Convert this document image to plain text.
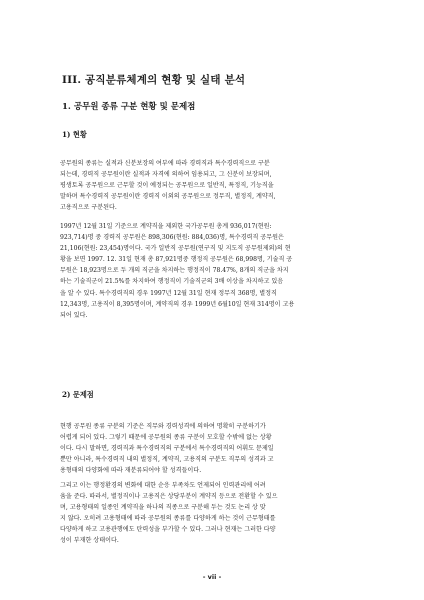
III. 공직분류체계의 현황 및 실태 분석
1. 공무원 종류 구분 현황 및 문제점
1) 현황
공무원의 종류는 실적과 신분보장의 여부에 따라 경력직과 특수경력직으로 구분
되는데, 경력직 공무원이란 실적과 자격에 의하여 임용되고, 그 신분이 보장되며,
평생토록 공무원으로 근무할 것이 예정되는 공무원으로 일반직, 특정직, 기능직을
말하며 특수경력직 공무원이란 경력직 이외의 공무원으로 정무직, 별정직, 계약직,
고용직으로 구분된다.
1997년 12월 31일 기준으로 계약직을 제외한 국가공무원 총계 936,017(현원:
923,714)명 중 경력직 공무원은 898,306(현원: 884,036)명, 특수경력직 공무원은
21,106(현원: 23,454)명이다. 국가 일반직 공무원(연구직 및 지도직 공무원제외)의 현
황을 보면 1997. 12. 31일 현재 총 87,921명중 행정직 공무원은 68,998명, 기술직 공
무원은 18,923명으로 두 개의 직군을 차지하는 행정직이 78.47%, 8개의 직군을 차지
하는 기술직군이 21.5%를 차지하여 행정직이 기술직군의 3배 이상을 차지하고 있음
을 알 수 있다. 특수경력직의 경우 1997년 12월 31일 현재 정무직 368명, 별정직
12,343명, 고용직이 8,395명이며, 계약직의 경우 1999년 6월10일 현재 314명이 고용
되어 있다.
2) 문제점
현행 공무원 종류 구분의 기준은 직무와 경력성격에 의하여 명확히 구분하기가
어렵게 되어 있다. 그렇기 때문에 공무원의 종류 구분이 모호할 수밖에 없는 상황
이다. 다시 말하면, 경력직과 특수경력직의 구분에서 특수경력직의 어휘도 문제일
뿐만 아니라, 특수경력직 내의 별정직, 계약직, 고용직의 구분도 직무의 성격과 고
용형태의 다양화에 따라 재분류되어야 할 성격들이다.
그리고 이는 행정환경의 변화에 대한 순응 부족차도 언제되어 인력관리에 어려
움을 준다. 따라서, 별정직이나 고용직은 상당부분이 계약직 등으로 전환할 수 있으
며, 고용형태의 일종인 계약직을 하나의 직종으로 구분해 두는 것도 논리 상 맞
지 않다. 오히려 고용형태에 따라 공무원의 종류를 다양하게 하는 것이 근무형태를
다양하게 하고 고용관행에도 탄력성을 부가할 수 있다. 그러나 현재는 그러한 다양
성이 부재한 상태이다.
- vii -
